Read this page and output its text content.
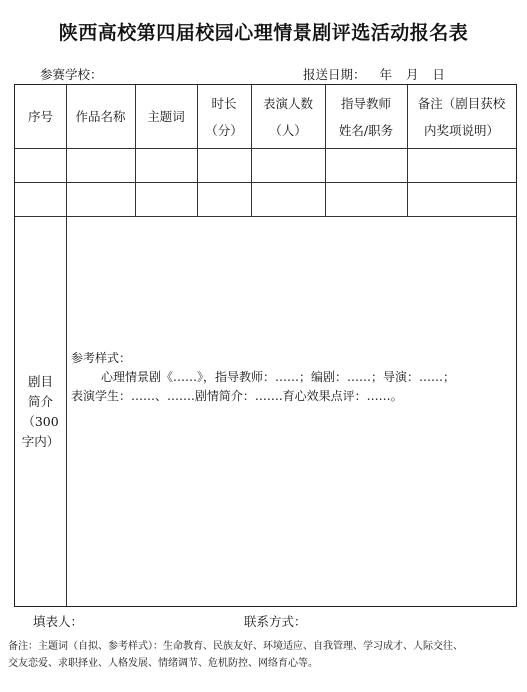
陕西高校第四届校园心理情景剧评选活动报名表
参赛学校：	报送日期： 年 月 日
序号 作品名称 主题词
时长
（分）
表演人数
（人）
指导教师
姓名/职务
备注（剧目获校
内奖项说明）
剧目
简介
（300
字内）
参考样式：
心理情景剧《……》，指导教师：……；编剧：……；导演：……；
表演学生：……、…….剧情简介：…….育心效果点评：……。
填表人：	联系方式：
备注：主题词（自拟、参考样式）：生命教育、民族友好、环境适应、自我管理、学习成才、人际交往、
交友恋爱、求职择业、人格发展、情绪调节、危机防控、网络育心等。
